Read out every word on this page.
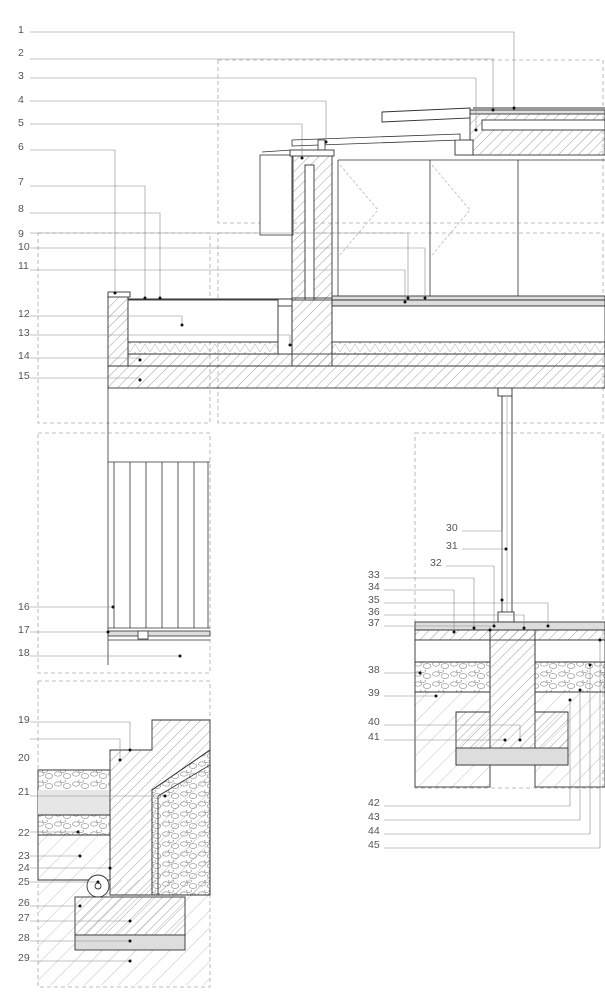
1
2
3
4
5
6
7
8
9
10
11
12
13
14
15
16
17
18
19
20
21
22
23
24
25
26
27
28
29
30
31
32
33
34
35
36
37
38
39
40
41
42
43
44
45
